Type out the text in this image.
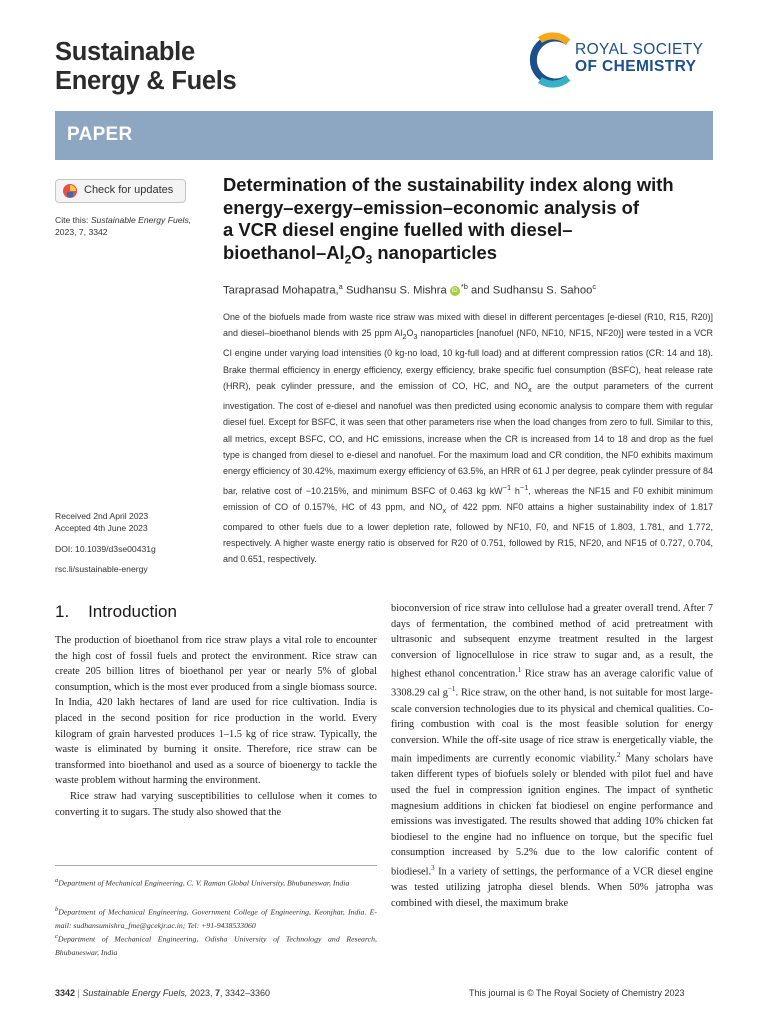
Sustainable
Energy & Fuels
ROYAL SOCIETY
OF CHEMISTRY
PAPER
Check for updates
Cite this: Sustainable Energy Fuels,
2023, 7, 3342
Received 2nd April 2023
Accepted 4th June 2023
DOI: 10.1039/d3se00431g
rsc.li/sustainable-energy
Determination of the sustainability index along with
energy–exergy–emission–economic analysis of
a VCR diesel engine fuelled with diesel–
bioethanol–$Al_2O_3$ nanoparticles
Taraprasad Mohapatra,$^a$ Sudhansu S. Mishra iD $^{*b}$ and Sudhansu S. Sahoo$^c$
One of the biofuels made from waste rice straw was mixed with diesel in different percentages [e-diesel (R10, R15, R20)] and diesel–bioethanol blends with 25 ppm $Al_2O_3$ nanoparticles [nanofuel (NF0, NF10, NF15, NF20)] were tested in a VCR CI engine under varying load intensities (0 kg-no load, 10 kg-full load) and at different compression ratios (CR: 14 and 18). Brake thermal efficiency in energy efficiency, exergy efficiency, brake specific fuel consumption (BSFC), heat release rate (HRR), peak cylinder pressure, and the emission of CO, HC, and $NO_x$ are the output parameters of the current investigation. The cost of e-diesel and nanofuel was then predicted using economic analysis to compare them with regular diesel fuel. Except for BSFC, it was seen that other parameters rise when the load changes from zero to full. Similar to this, all metrics, except BSFC, CO, and HC emissions, increase when the CR is increased from 14 to 18 and drop as the fuel type is changed from diesel to e-diesel and nanofuel. For the maximum load and CR condition, the NF0 exhibits maximum energy efficiency of 30.42%, maximum exergy efficiency of 63.5%, an HRR of 61 J per degree, peak cylinder pressure of 84 bar, relative cost of −10.215%, and minimum BSFC of 0.463 kg $kW^{-1}$ $h^{-1}$, whereas the NF15 and F0 exhibit minimum emission of CO of 0.157%, HC of 43 ppm, and $NO_x$ of 422 ppm. NF0 attains a higher sustainability index of 1.817 compared to other fuels due to a lower depletion rate, followed by NF10, F0, and NF15 of 1.803, 1.781, and 1.772, respectively. A higher waste energy ratio is observed for R20 of 0.751, followed by R15, NF20, and NF15 of 0.727, 0.704, and 0.651, respectively.
1.    Introduction

The production of bioethanol from rice straw plays a vital role to encounter the high cost of fossil fuels and protect the environment. Rice straw can create 205 billion litres of bioethanol per year or nearly 5% of global consumption, which is the most ever produced from a single biomass source. In India, 420 lakh hectares of land are used for rice cultivation. India is placed in the second position for rice production in the world. Every kilogram of grain harvested produces 1–1.5 kg of rice straw. Typically, the waste is eliminated by burning it onsite. Therefore, rice straw can be transformed into bioethanol and used as a source of bioenergy to tackle the waste problem without harming the environment.

Rice straw had varying susceptibilities to cellulose when it comes to converting it to sugars. The study also showed that the

bioconversion of rice straw into cellulose had a greater overall trend. After 7 days of fermentation, the combined method of acid pretreatment with ultrasonic and subsequent enzyme treatment resulted in the largest conversion of lignocellulose in rice straw to sugar and, as a result, the highest ethanol concentration.$^1$ Rice straw has an average calorific value of 3308.29 cal $g^{-1}$. Rice straw, on the other hand, is not suitable for most large-scale conversion technologies due to its physical and chemical qualities. Co-firing combustion with coal is the most feasible solution for energy conversion. While the off-site usage of rice straw is energetically viable, the main impediments are currently economic viability.$^2$ Many scholars have taken different types of biofuels solely or blended with pilot fuel and have used the fuel in compression ignition engines. The impact of synthetic magnesium additions in chicken fat biodiesel on engine performance and emissions was investigated. The results showed that adding 10% chicken fat biodiesel to the engine had no influence on torque, but the specific fuel consumption increased by 5.2% due to the low calorific content of biodiesel.$^3$ In a variety of settings, the performance of a VCR diesel engine was tested utilizing jatropha diesel blends. When 50% jatropha was combined with diesel, the maximum brake

$^a$Department of Mechanical Engineering, C. V. Raman Global University, Bhubaneswar, India
$^b$Department of Mechanical Engineering, Government College of Engineering, Keonjhar, India. E-mail: sudhansumishra_fme@gcekjr.ac.in; Tel: +91-9438533060
$^c$Department of Mechanical Engineering, Odisha University of Technology and Research, Bhubaneswar, India
3342 | Sustainable Energy Fuels, 2023, 7, 3342–3360	This journal is © The Royal Society of Chemistry 2023
